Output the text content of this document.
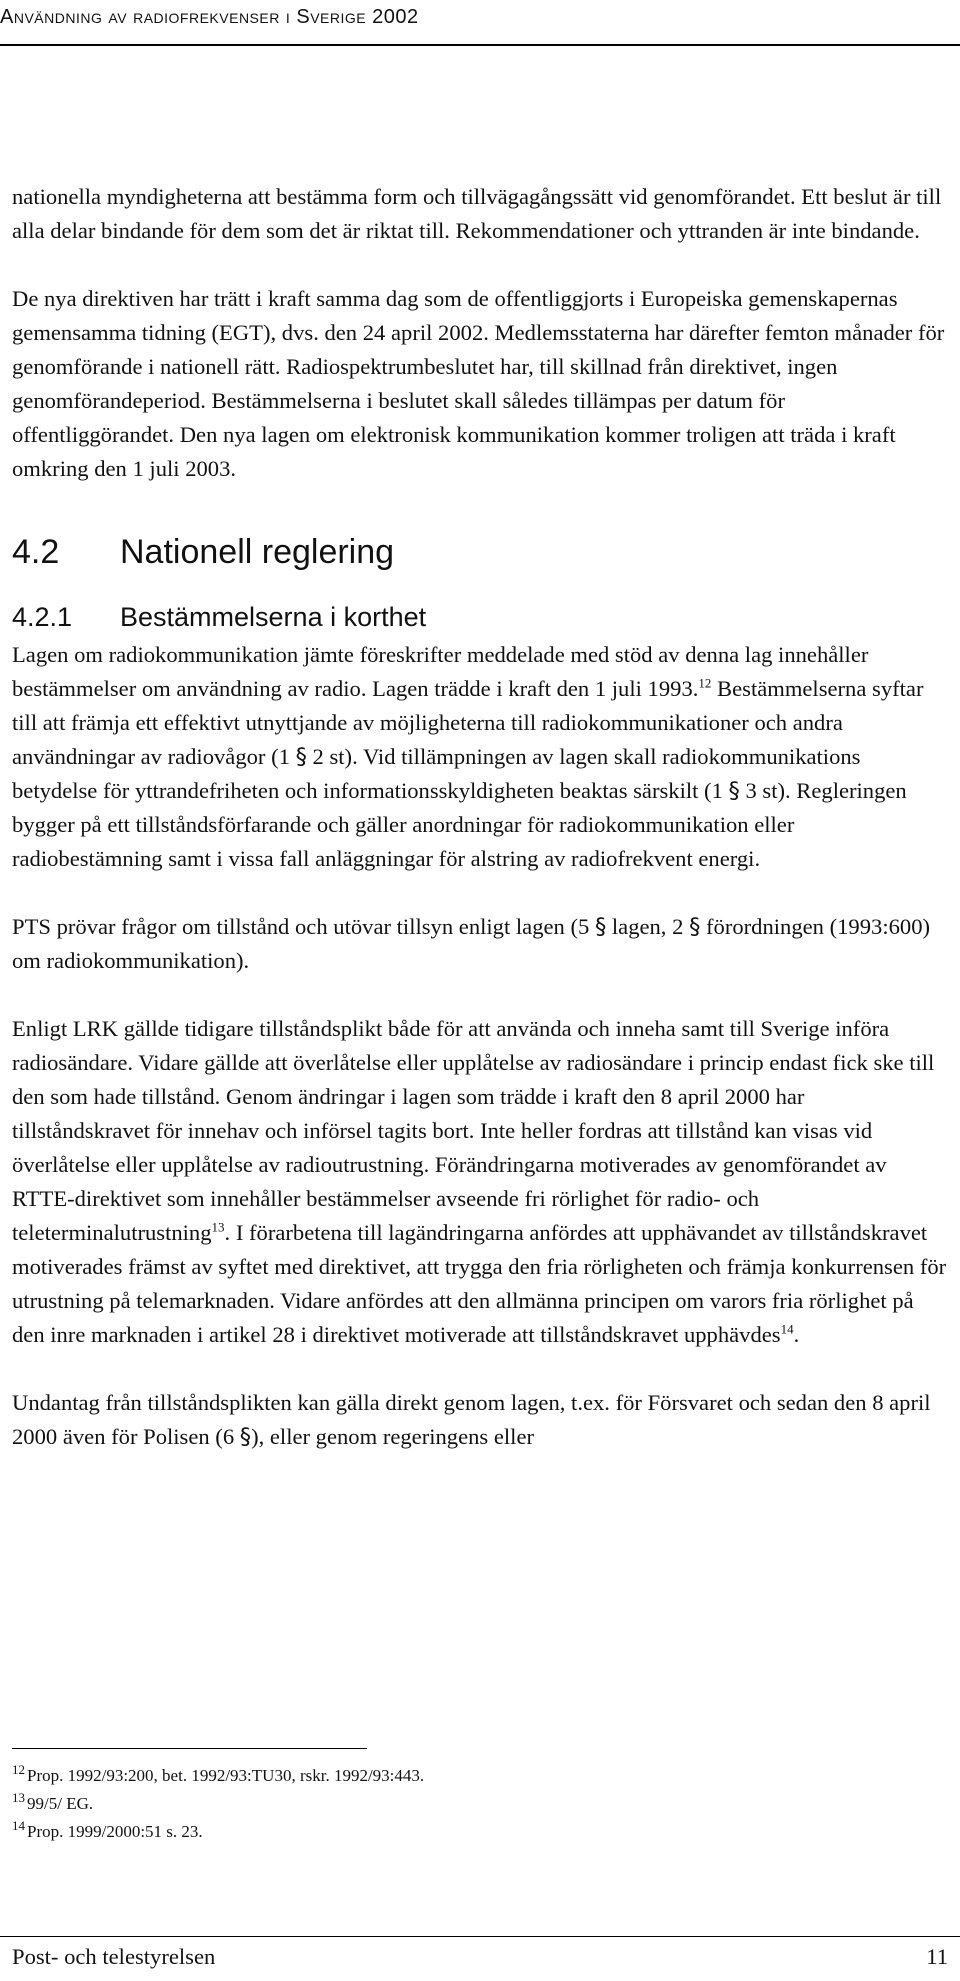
Användning av radiofrekvenser i Sverige 2002

nationella myndigheterna att bestämma form och tillvägagångssätt vid genomförandet. Ett beslut är till alla delar bindande för dem som det är riktat till. Rekommendationer och yttranden är inte bindande.

De nya direktiven har trätt i kraft samma dag som de offentliggjorts i Europeiska gemenskapernas gemensamma tidning (EGT), dvs. den 24 april 2002. Medlemsstaterna har därefter femton månader för genomförande i nationell rätt. Radiospektrumbeslutet har, till skillnad från direktivet, ingen genomförandeperiod. Bestämmelserna i beslutet skall således tillämpas per datum för offentliggörandet. Den nya lagen om elektronisk kommunikation kommer troligen att träda i kraft omkring den 1 juli 2003.

4.2 Nationell reglering
4.2.1 Bestämmelserna i korthet

Lagen om radiokommunikation jämte föreskrifter meddelade med stöd av denna lag innehåller bestämmelser om användning av radio. Lagen trädde i kraft den 1 juli 1993.12 Bestämmelserna syftar till att främja ett effektivt utnyttjande av möjligheterna till radiokommunikationer och andra användningar av radiovågor (1 § 2 st). Vid tillämpningen av lagen skall radiokommunikations betydelse för yttrandefriheten och informationsskyldigheten beaktas särskilt (1 § 3 st). Regleringen bygger på ett tillståndsförfarande och gäller anordningar för radiokommunikation eller radiobestämning samt i vissa fall anläggningar för alstring av radiofrekvent energi.

PTS prövar frågor om tillstånd och utövar tillsyn enligt lagen (5 § lagen, 2 § förordningen (1993:600) om radiokommunikation).

Enligt LRK gällde tidigare tillståndsplikt både för att använda och inneha samt till Sverige införa radiosändare. Vidare gällde att överlåtelse eller upplåtelse av radiosändare i princip endast fick ske till den som hade tillstånd. Genom ändringar i lagen som trädde i kraft den 8 april 2000 har tillståndskravet för innehav och införsel tagits bort. Inte heller fordras att tillstånd kan visas vid överlåtelse eller upplåtelse av radioutrustning. Förändringarna motiverades av genomförandet av RTTE-direktivet som innehåller bestämmelser avseende fri rörlighet för radio- och teleterminalutrustning$^{13}$. I förarbetena till lagändringarna anfördes att upphävandet av tillståndskravet motiverades främst av syftet med direktivet, att trygga den fria rörligheten och främja konkurrensen för utrustning på telemarknaden. Vidare anfördes att den allmänna principen om varors fria rörlighet på den inre marknaden i artikel 28 i direktivet motiverade att tillståndskravet upphävdes$^{14}$.

Undantag från tillståndsplikten kan gälla direkt genom lagen, t.ex. för Försvaret och sedan den 8 april 2000 även för Polisen (6 §), eller genom regeringens eller

$^{12}$ Prop. 1992/93:200, bet. 1992/93:TU30, rskr. 1992/93:443.
$^{13}$ 99/5/ EG.
$^{14}$ Prop. 1999/2000:51 s. 23.
Post- och telestyrelsen	11
